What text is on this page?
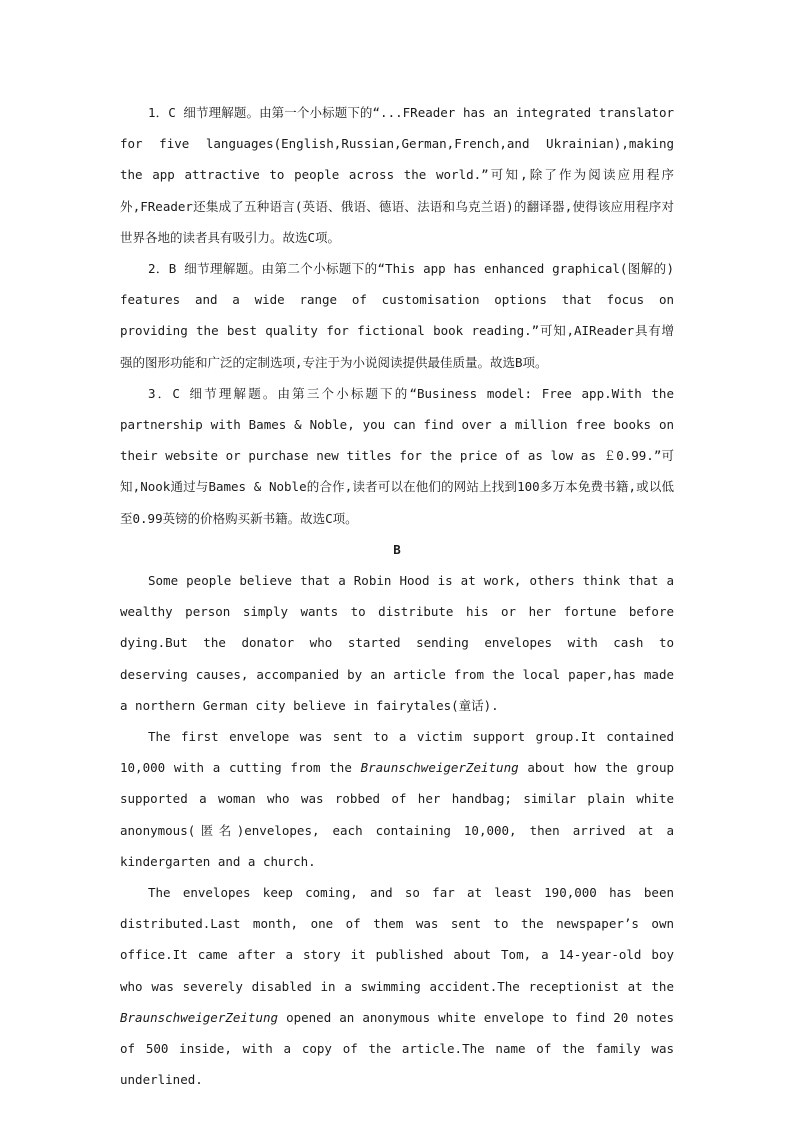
1．C 细节理解题。由第一个小标题下的“...FReader has an integrated translator for five languages(English,Russian,German,French,and Ukrainian),making the app attractive to people across the world.”可知,除了作为阅读应用程序外,FReader还集成了五种语言(英语、俄语、德语、法语和乌克兰语)的翻译器,使得该应用程序对世界各地的读者具有吸引力。故选C项。

2．B 细节理解题。由第二个小标题下的“This app has enhanced graphical(图解的) features and a wide range of customisation options that focus on providing the best quality for fictional book reading.”可知,AIReader具有增强的图形功能和广泛的定制选项,专注于为小说阅读提供最佳质量。故选B项。

3．C 细节理解题。由第三个小标题下的“Business model: Free app.With the partnership with Bames & Noble, you can find over a million free books on their website or purchase new titles for the price of as low as ￡0.99.”可知,Nook通过与Bames & Noble的合作,读者可以在他们的网站上找到100多万本免费书籍,或以低至0.99英镑的价格购买新书籍。故选C项。

B

Some people believe that a Robin Hood is at work, others think that a wealthy person simply wants to distribute his or her fortune before dying.But the donator who started sending envelopes with cash to deserving causes, accompanied by an article from the local paper,has made a northern German city believe in fairytales(童话).

The first envelope was sent to a victim support group.It contained 10,000 with a cutting from the BraunschweigerZeitung about how the group supported a woman who was robbed of her handbag; similar plain white anonymous(匿名)envelopes, each containing 10,000, then arrived at a kindergarten and a church.

The envelopes keep coming, and so far at least 190,000 has been distributed.Last month, one of them was sent to the newspaper’s own office.It came after a story it published about Tom, a 14-year-old boy who was severely disabled in a swimming accident.The receptionist at the BraunschweigerZeitung opened an anonymous white envelope to find 20 notes of 500 inside, with a copy of the article.The name of the family was underlined.
